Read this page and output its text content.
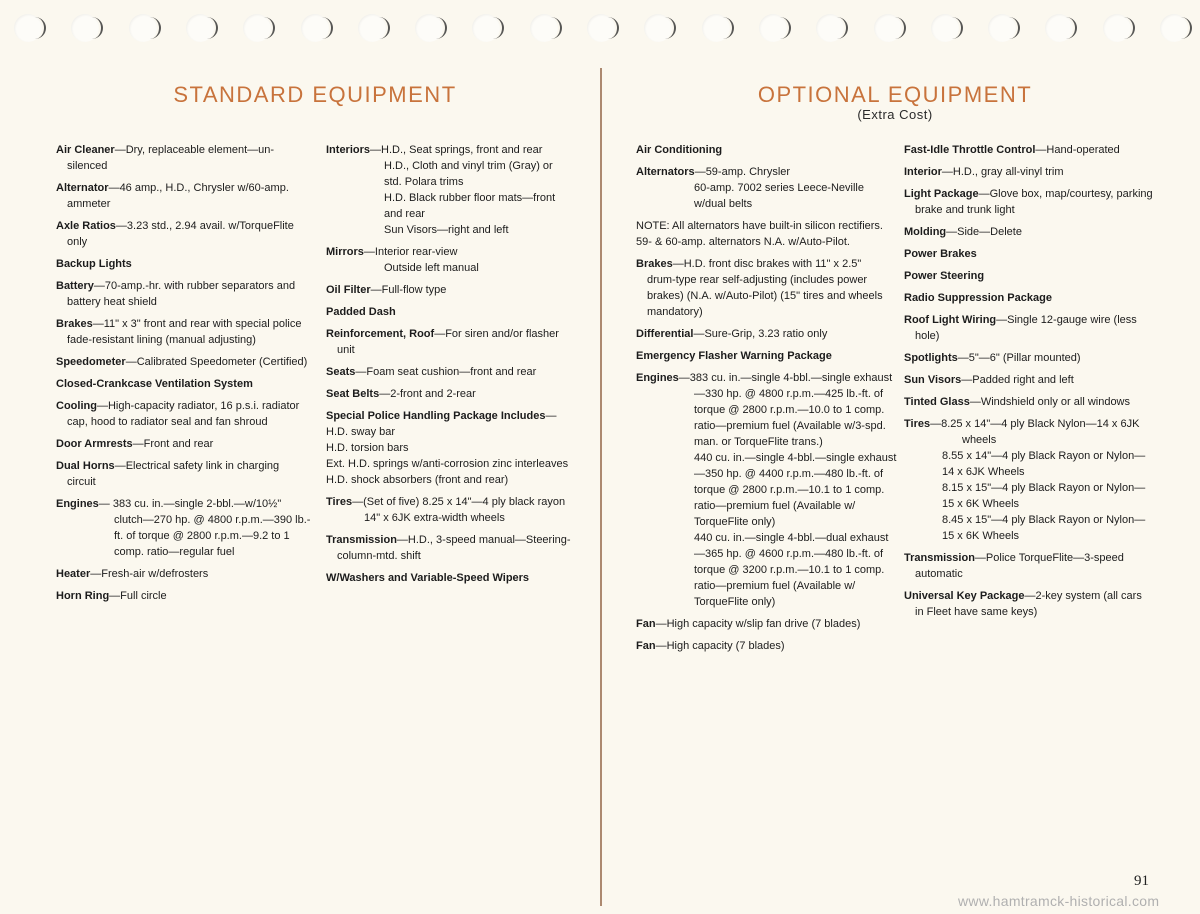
STANDARD EQUIPMENT	OPTIONAL EQUIPMENT
(Extra Cost)
Air Cleaner—Dry, replaceable element—un-
silenced
Alternator—46 amp., H.D., Chrysler w/60-amp.
ammeter
Axle Ratios—3.23 std., 2.94 avail. w/TorqueFlite
only
Backup Lights
Battery—70-amp.-hr. with rubber separators and
battery heat shield
Brakes—11" x 3" front and rear with special police
fade-resistant lining (manual adjusting)
Speedometer—Calibrated Speedometer (Certified)
Closed-Crankcase Ventilation System
Cooling—High-capacity radiator, 16 p.s.i. radiator
cap, hood to radiator seal and fan shroud
Door Armrests—Front and rear
Dual Horns—Electrical safety link in charging
circuit
Engines— 383 cu. in.—single 2-bbl.—w/10½"
clutch—270 hp. @ 4800 r.p.m.—390 lb.-
ft. of torque @ 2800 r.p.m.—9.2 to 1
comp. ratio—regular fuel
Heater—Fresh-air w/defrosters
Horn Ring—Full circle
Interiors—H.D., Seat springs, front and rear
H.D., Cloth and vinyl trim (Gray) or
std. Polara trims
H.D. Black rubber floor mats—front
and rear
Sun Visors—right and left
Mirrors—Interior rear-view
Outside left manual
Oil Filter—Full-flow type
Padded Dash
Reinforcement, Roof—For siren and/or flasher
unit
Seats—Foam seat cushion—front and rear
Seat Belts—2-front and 2-rear
Special Police Handling Package Includes—
H.D. sway bar
H.D. torsion bars
Ext. H.D. springs w/anti-corrosion zinc interleaves
H.D. shock absorbers (front and rear)
Tires—(Set of five) 8.25 x 14"—4 ply black rayon
14" x 6JK extra-width wheels
Transmission—H.D., 3-speed manual—Steering-
column-mtd. shift
W/Washers and Variable-Speed Wipers
Air Conditioning
Alternators—59-amp. Chrysler
60-amp. 7002 series Leece-Neville
w/dual belts
NOTE: All alternators have built-in silicon rectifiers.
59- & 60-amp. alternators N.A. w/Auto-Pilot.
Brakes—H.D. front disc brakes with 11" x 2.5"
drum-type rear self-adjusting (includes power
brakes) (N.A. w/Auto-Pilot) (15" tires and wheels
mandatory)
Differential—Sure-Grip, 3.23 ratio only
Emergency Flasher Warning Package
Engines—383 cu. in.—single 4-bbl.—single exhaust
—330 hp. @ 4800 r.p.m.—425 lb.-ft. of
torque @ 2800 r.p.m.—10.0 to 1 comp.
ratio—premium fuel (Available w/3-spd.
man. or TorqueFlite trans.)
440 cu. in.—single 4-bbl.—single exhaust
—350 hp. @ 4400 r.p.m.—480 lb.-ft. of
torque @ 2800 r.p.m.—10.1 to 1 comp.
ratio—premium fuel (Available w/
TorqueFlite only)
440 cu. in.—single 4-bbl.—dual exhaust
—365 hp. @ 4600 r.p.m.—480 lb.-ft. of
torque @ 3200 r.p.m.—10.1 to 1 comp.
ratio—premium fuel (Available w/
TorqueFlite only)
Fan—High capacity w/slip fan drive (7 blades)
Fan—High capacity (7 blades)
Fast-Idle Throttle Control—Hand-operated
Interior—H.D., gray all-vinyl trim
Light Package—Glove box, map/courtesy, parking
brake and trunk light
Molding—Side—Delete
Power Brakes
Power Steering
Radio Suppression Package
Roof Light Wiring—Single 12-gauge wire (less
hole)
Spotlights—5"—6" (Pillar mounted)
Sun Visors—Padded right and left
Tinted Glass—Windshield only or all windows
Tires—8.25 x 14"—4 ply Black Nylon—14 x 6JK
wheels
8.55 x 14"—4 ply Black Rayon or Nylon—
14 x 6JK Wheels
8.15 x 15"—4 ply Black Rayon or Nylon—
15 x 6K Wheels
8.45 x 15"—4 ply Black Rayon or Nylon—
15 x 6K Wheels
Transmission—Police TorqueFlite—3-speed
automatic
Universal Key Package—2-key system (all cars
in Fleet have same keys)
91
www.hamtramck-historical.com
